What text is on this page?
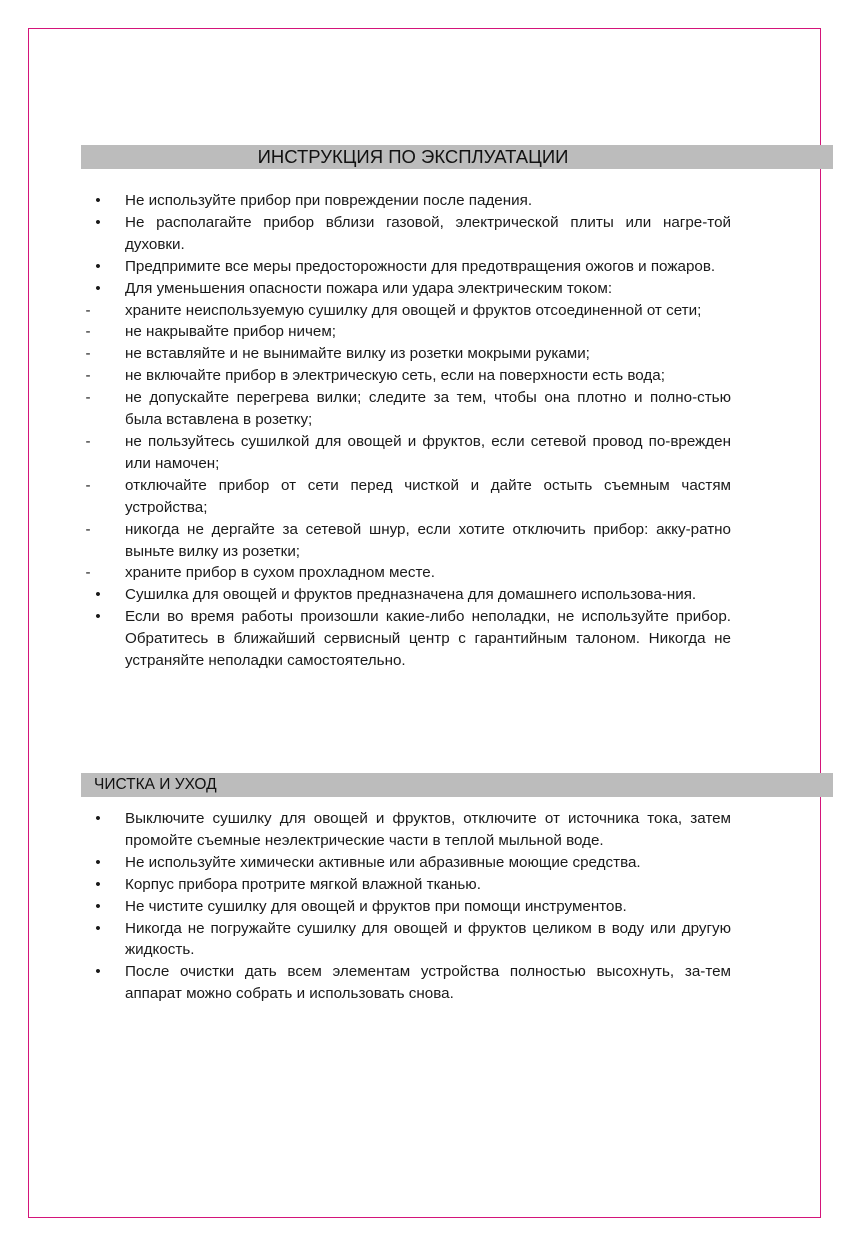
ИНСТРУКЦИЯ ПО ЭКСПЛУАТАЦИИ
•	Не используйте прибор при повреждении после падения.
•	Не располагайте прибор вблизи газовой, электрической плиты или нагре-той духовки.
•	Предпримите все меры предосторожности для предотвращения ожогов и пожаров.
•	Для уменьшения опасности пожара или удара электрическим током:
- храните неиспользуемую сушилку для овощей и фруктов отсоединенной от сети;
- не накрывайте прибор ничем;
- не вставляйте и не вынимайте вилку из розетки мокрыми руками;
- не включайте прибор в электрическую сеть, если на поверхности есть вода;
- не допускайте перегрева вилки; следите за тем, чтобы она плотно и полно-стью была вставлена в розетку;
- не пользуйтесь сушилкой для овощей и фруктов, если сетевой провод по-врежден или намочен;
- отключайте прибор от сети перед чисткой и дайте остыть съемным частям устройства;
- никогда не дергайте за сетевой шнур, если хотите отключить прибор: акку-ратно выньте вилку из розетки;
- храните прибор в сухом прохладном месте.
•	Сушилка для овощей и фруктов предназначена для домашнего использова-ния.
•	Если во время работы произошли какие-либо неполадки, не используйте прибор. Обратитесь в ближайший сервисный центр с гарантийным талоном. Никогда не устраняйте неполадки самостоятельно.
ЧИСТКА И УХОД
•	Выключите сушилку для овощей и фруктов, отключите от источника тока, затем промойте съемные неэлектрические части в теплой мыльной воде.
•	Не используйте химически активные или абразивные моющие средства.
•	Корпус прибора протрите мягкой влажной тканью.
•	Не чистите сушилку для овощей и фруктов при помощи инструментов.
•	Никогда не погружайте сушилку для овощей и фруктов целиком в воду или другую жидкость.
•	После очистки дать всем элементам устройства полностью высохнуть, за-тем аппарат можно собрать и использовать снова.
